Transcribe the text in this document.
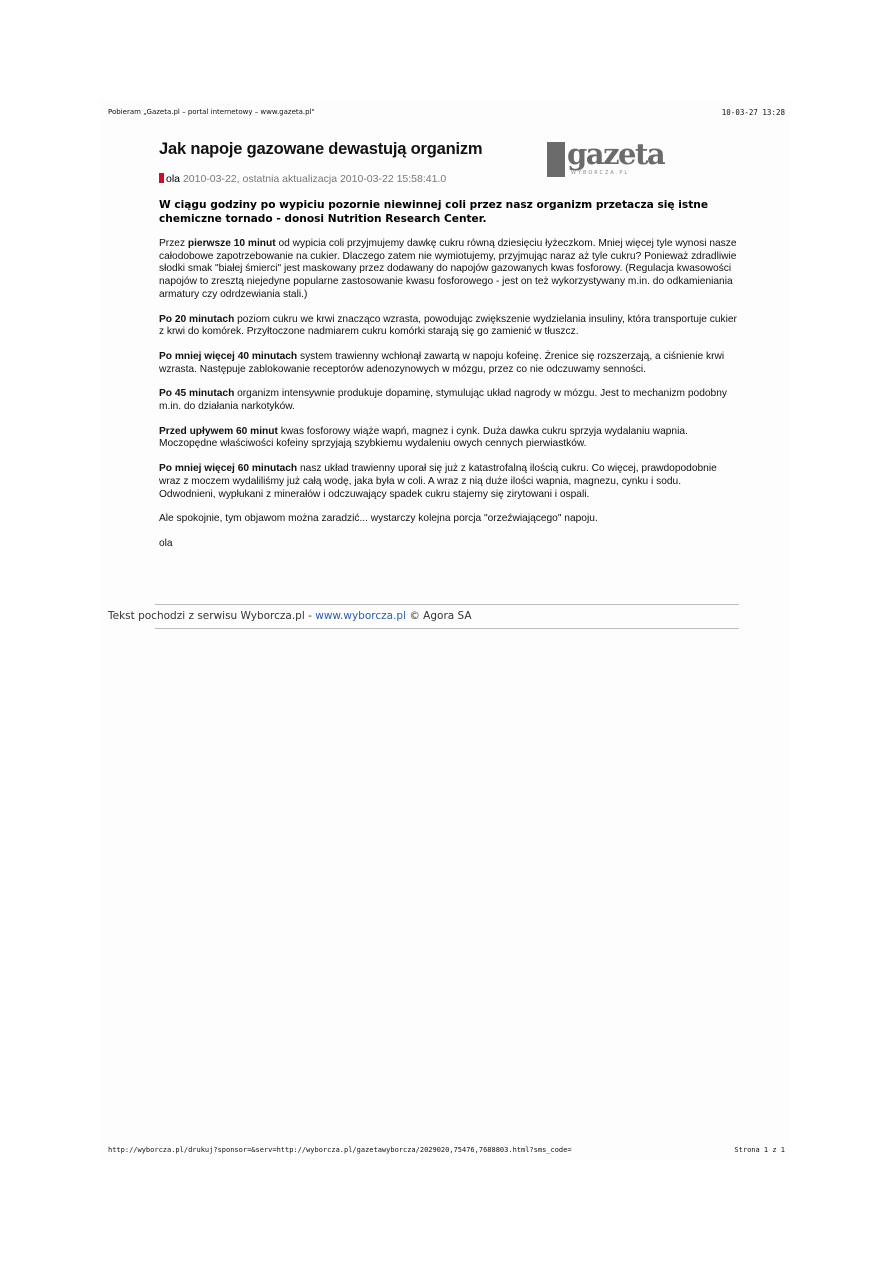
Pobieram „Gazeta.pl – portal internetowy – www.gazeta.pl"	10-03-27 13:28
Jak napoje gazowane dewastują organizm	gazeta
WYBORCZA.PL
ola 2010-03-22, ostatnia aktualizacja 2010-03-22 15:58:41.0
W ciągu godziny po wypiciu pozornie niewinnej coli przez nasz organizm przetacza się istne chemiczne tornado - donosi Nutrition Research Center.

Przez pierwsze 10 minut od wypicia coli przyjmujemy dawkę cukru równą dziesięciu łyżeczkom. Mniej więcej tyle wynosi nasze całodobowe zapotrzebowanie na cukier. Dlaczego zatem nie wymiotujemy, przyjmując naraz aż tyle cukru? Ponieważ zdradliwie słodki smak "białej śmierci" jest maskowany przez dodawany do napojów gazowanych kwas fosforowy. (Regulacja kwasowości napojów to zresztą niejedyne popularne zastosowanie kwasu fosforowego - jest on też wykorzystywany m.in. do odkamieniania armatury czy odrdzewiania stali.)

Po 20 minutach poziom cukru we krwi znacząco wzrasta, powodując zwiększenie wydzielania insuliny, która transportuje cukier z krwi do komórek. Przyłtoczone nadmiarem cukru komórki starają się go zamienić w tłuszcz.

Po mniej więcej 40 minutach system trawienny wchłonął zawartą w napoju kofeinę. Źrenice się rozszerzają, a ciśnienie krwi wzrasta. Następuje zablokowanie receptorów adenozynowych w mózgu, przez co nie odczuwamy senności.

Po 45 minutach organizm intensywnie produkuje dopaminę, stymulując układ nagrody w mózgu. Jest to mechanizm podobny m.in. do działania narkotyków.

Przed upływem 60 minut kwas fosforowy wiąże wapń, magnez i cynk. Duża dawka cukru sprzyja wydalaniu wapnia. Moczopędne właściwości kofeiny sprzyjają szybkiemu wydaleniu owych cennych pierwiastków.

Po mniej więcej 60 minutach nasz układ trawienny uporał się już z katastrofalną ilością cukru. Co więcej, prawdopodobnie wraz z moczem wydaliliśmy już całą wodę, jaka była w coli. A wraz z nią duże ilości wapnia, magnezu, cynku i sodu. Odwodnieni, wypłukani z minerałów i odczuwający spadek cukru stajemy się zirytowani i ospali.

Ale spokojnie, tym objawom można zaradzić... wystarczy kolejna porcja "orzeźwiającego" napoju.

ola

Tekst pochodzi z serwisu Wyborcza.pl - www.wyborcza.pl © Agora SA
http://wyborcza.pl/drukuj?sponsor=&serv=http://wyborcza.pl/gazetawyborcza/2029020,75476,7688803.html?sms_code=	Strona 1 z 1
